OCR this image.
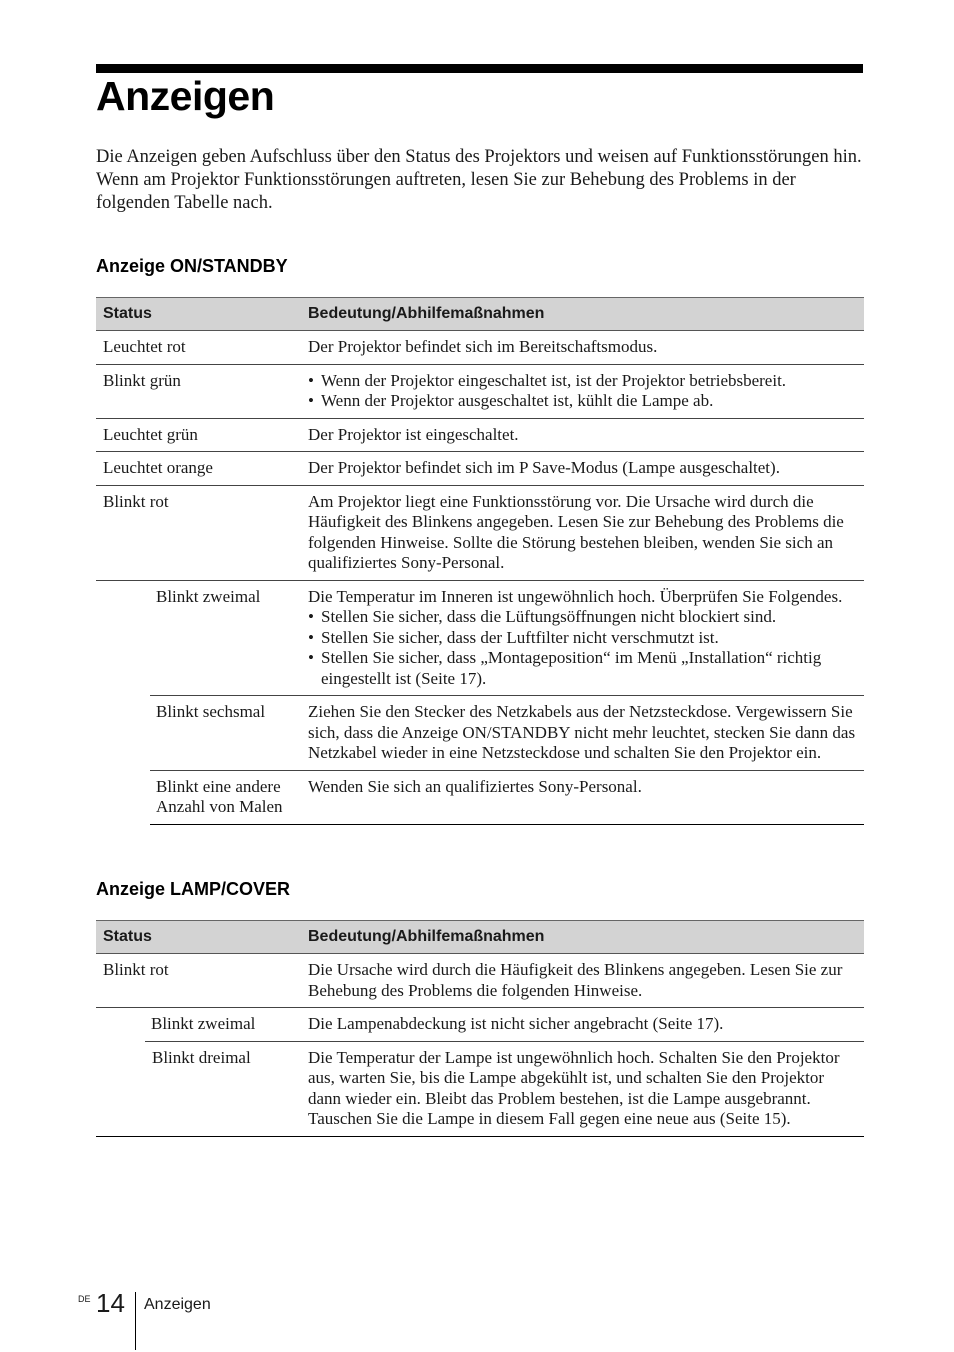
Anzeigen

Die Anzeigen geben Aufschluss über den Status des Projektors und weisen auf Funktionsstörungen hin.

Wenn am Projektor Funktionsstörungen auftreten, lesen Sie zur Behebung des Problems in der folgenden Tabelle nach.

Anzeige ON/STANDBY
Status	Bedeutung/Abhilfemaßnahmen
Leuchtet rot	Der Projektor befindet sich im Bereitschaftsmodus.
Blinkt grün
•	Wenn der Projektor eingeschaltet ist, ist der Projektor betriebsbereit.
• Wenn der Projektor ausgeschaltet ist, kühlt die Lampe ab.
Leuchtet grün	Der Projektor ist eingeschaltet.
Leuchtet orange	Der Projektor befindet sich im P Save-Modus (Lampe ausgeschaltet).
Blinkt rot	Am Projektor liegt eine Funktionsstörung vor. Die Ursache wird durch die Häufigkeit des Blinkens angegeben. Lesen Sie zur Behebung des Problems die folgenden Hinweise. Sollte die Störung bestehen bleiben, wenden Sie sich an qualifiziertes Sony-Personal.
Blinkt zweimal	Die Temperatur im Inneren ist ungewöhnlich hoch. Überprüfen Sie Folgendes.
• Stellen Sie sicher, dass die Lüftungsöffnungen nicht blockiert sind.
• Stellen Sie sicher, dass der Luftfilter nicht verschmutzt ist.
• Stellen Sie sicher, dass „Montageposition“ im Menü „Installation“ richtig eingestellt ist (Seite 17).
Blinkt sechsmal	Ziehen Sie den Stecker des Netzkabels aus der Netzsteckdose. Vergewissern Sie sich, dass die Anzeige ON/STANDBY nicht mehr leuchtet, stecken Sie dann das Netzkabel wieder in eine Netzsteckdose und schalten Sie den Projektor ein.
Blinkt eine andere
Anzahl von Malen
Wenden Sie sich an qualifiziertes Sony-Personal.
Anzeige LAMP/COVER
Status	Bedeutung/Abhilfemaßnahmen
Blinkt rot	Die Ursache wird durch die Häufigkeit des Blinkens angegeben. Lesen Sie zur Behebung des Problems die folgenden Hinweise.
Blinkt zweimal	Die Lampenabdeckung ist nicht sicher angebracht (Seite 17).
Blinkt dreimal	Die Temperatur der Lampe ist ungewöhnlich hoch. Schalten Sie den Projektor aus, warten Sie, bis die Lampe abgekühlt ist, und schalten Sie den Projektor dann wieder ein. Bleibt das Problem bestehen, ist die Lampe ausgebrannt. Tauschen Sie die Lampe in diesem Fall gegen eine neue aus (Seite 15).
DE 14 Anzeigen
